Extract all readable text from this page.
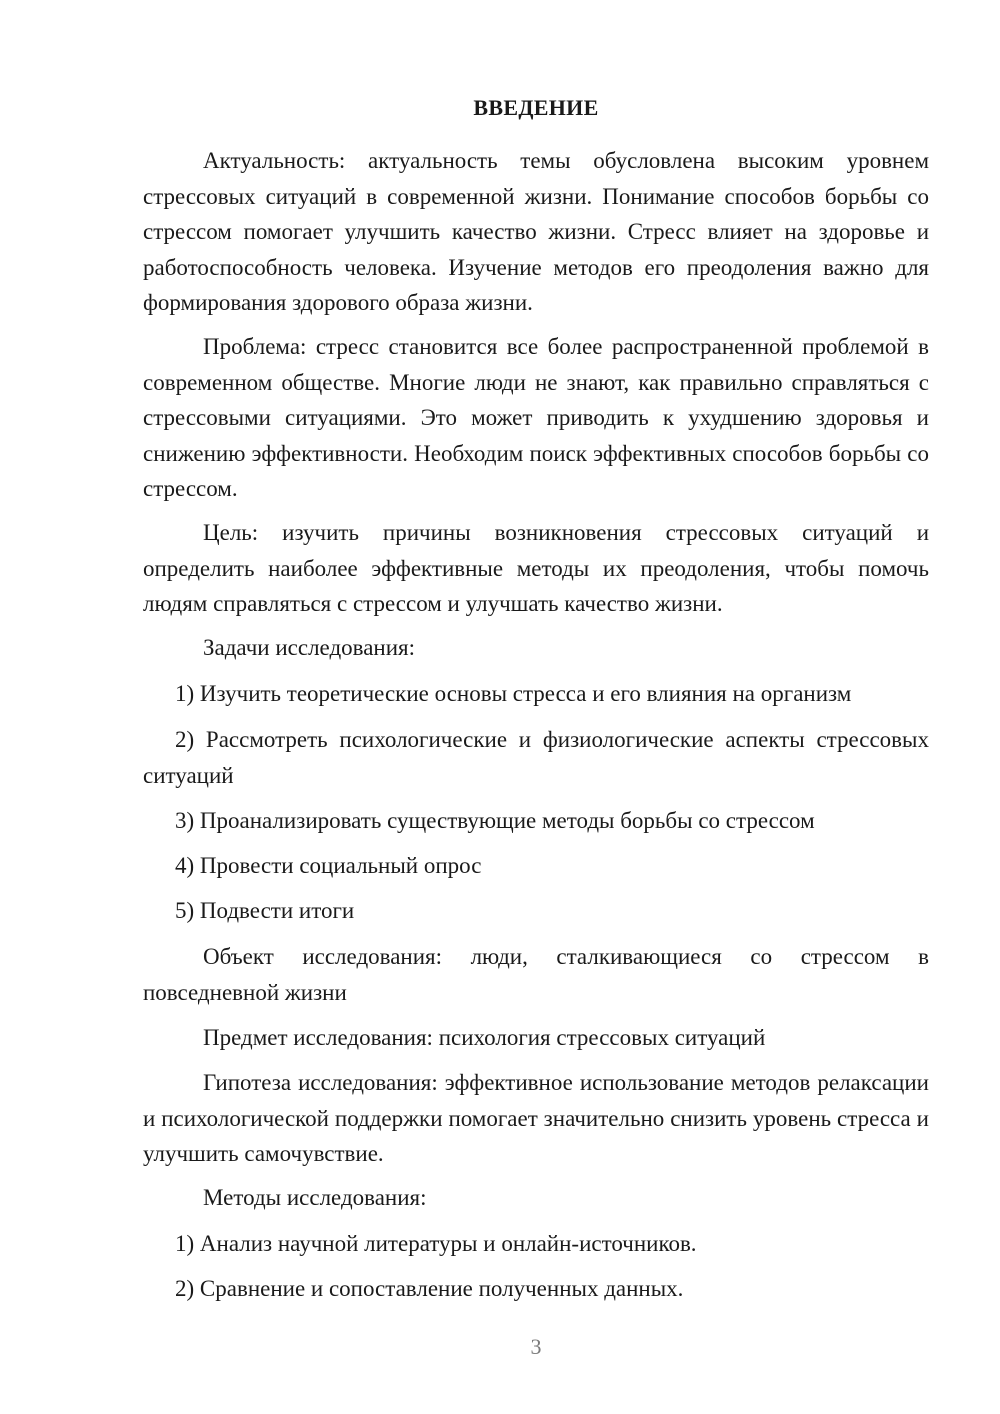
ВВЕДЕНИЕ

Актуальность: актуальность темы обусловлена высоким уровнем стрессовых ситуаций в современной жизни. Понимание способов борьбы со стрессом помогает улучшить качество жизни. Стресс влияет на здоровье и работоспособность человека. Изучение методов его преодоления важно для формирования здорового образа жизни.

Проблема: стресс становится все более распространенной проблемой в современном обществе. Многие люди не знают, как правильно справляться с стрессовыми ситуациями. Это может приводить к ухудшению здоровья и снижению эффективности. Необходим поиск эффективных способов борьбы со стрессом.

Цель: изучить причины возникновения стрессовых ситуаций и определить наиболее эффективные методы их преодоления, чтобы помочь людям справляться с стрессом и улучшать качество жизни.

Задачи исследования:

1) Изучить теоретические основы стресса и его влияния на организм

2) Рассмотреть психологические и физиологические аспекты стрессовых ситуаций

3) Проанализировать существующие методы борьбы со стрессом

4) Провести социальный опрос

5) Подвести итоги

Объект исследования: люди, сталкивающиеся со стрессом в повседневной жизни

Предмет исследования: психология стрессовых ситуаций

Гипотеза исследования: эффективное использование методов релаксации и психологической поддержки помогает значительно снизить уровень стресса и улучшить самочувствие.

Методы исследования:

1) Анализ научной литературы и онлайн-источников.

2) Сравнение и сопоставление полученных данных.

3
